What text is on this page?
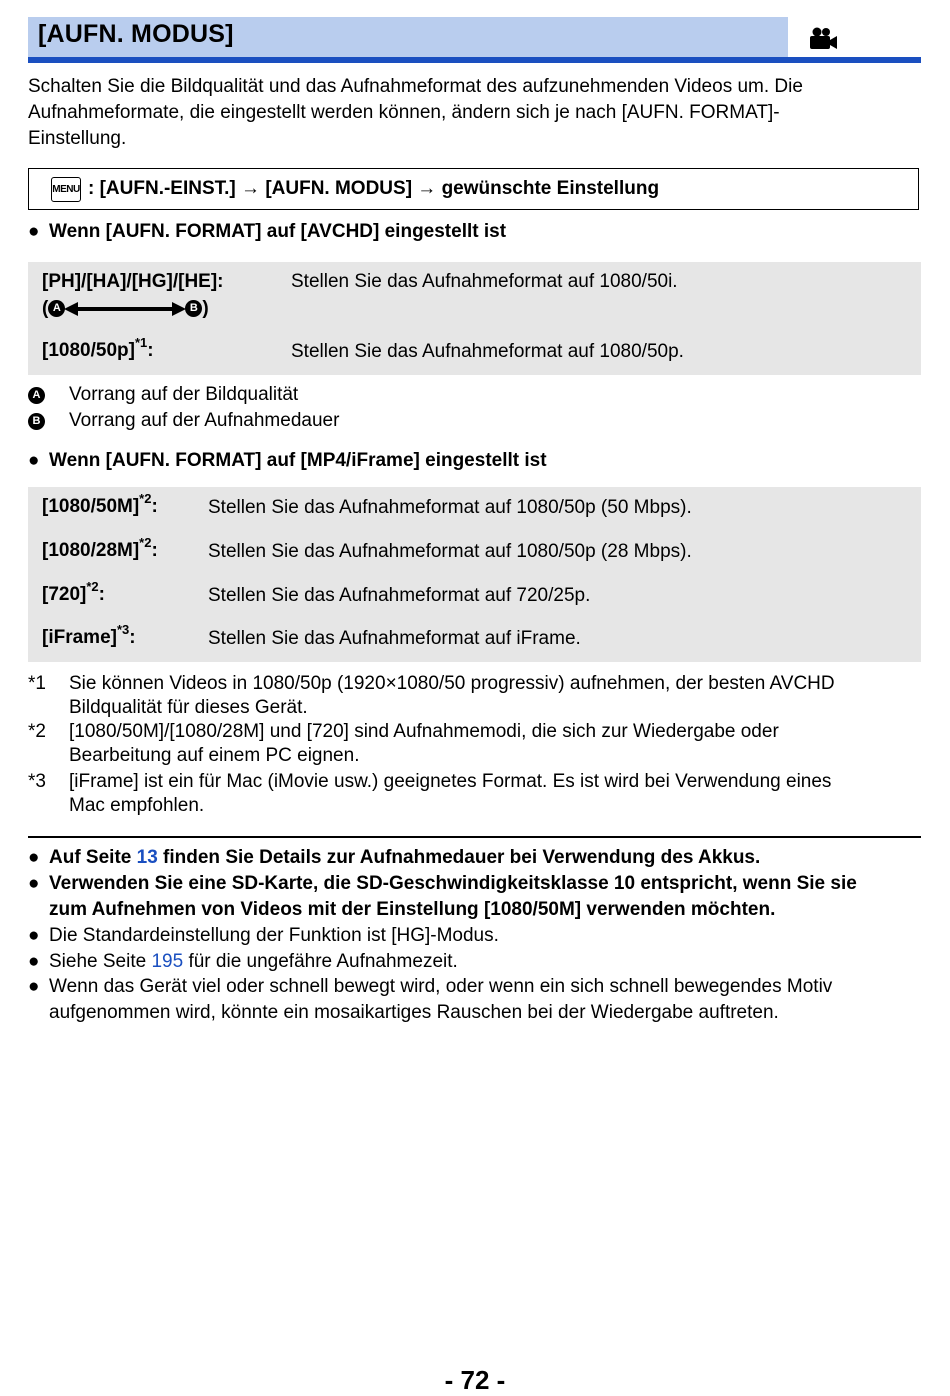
[AUFN. MODUS]
Schalten Sie die Bildqualität und das Aufnahmeformat des aufzunehmenden Videos um. Die
Aufnahmeformate, die eingestellt werden können, ändern sich je nach [AUFN. FORMAT]-
Einstellung.
MENU : [AUFN.-EINST.] → [AUFN. MODUS] → gewünschte Einstellung
● Wenn [AUFN. FORMAT] auf [AVCHD] eingestellt ist
[PH]/[HA]/[HG]/[HE]:	Stellen Sie das Aufnahmeformat auf 1080/50i.
( A	B )
$[1080/50p]^{*1}$:	Stellen Sie das Aufnahmeformat auf 1080/50p.
A Vorrang auf der Bildqualität
B Vorrang auf der Aufnahmedauer
● Wenn [AUFN. FORMAT] auf [MP4/iFrame] eingestellt ist
$[1080/50M]^{*2}$:	Stellen Sie das Aufnahmeformat auf 1080/50p (50 Mbps).
$[1080/28M]^{*2}$:	Stellen Sie das Aufnahmeformat auf 1080/50p (28 Mbps).
$[720]^{*2}$:	Stellen Sie das Aufnahmeformat auf 720/25p.
[iFrame]$^{*3}$:	Stellen Sie das Aufnahmeformat auf iFrame.
*1 Sie können Videos in 1080/50p (1920×1080/50 progressiv) aufnehmen, der besten AVCHD
Bildqualität für dieses Gerät.
*2 [1080/50M]/[1080/28M] und [720] sind Aufnahmemodi, die sich zur Wiedergabe oder
Bearbeitung auf einem PC eignen.
*3 [iFrame] ist ein für Mac (iMovie usw.) geeignetes Format. Es ist wird bei Verwendung eines
Mac empfohlen.
● Auf Seite 13 finden Sie Details zur Aufnahmedauer bei Verwendung des Akkus.
● Verwenden Sie eine SD-Karte, die SD-Geschwindigkeitsklasse 10 entspricht, wenn Sie sie
zum Aufnehmen von Videos mit der Einstellung [1080/50M] verwenden möchten.
● Die Standardeinstellung der Funktion ist [HG]-Modus.
● Siehe Seite 195 für die ungefähre Aufnahmezeit.
● Wenn das Gerät viel oder schnell bewegt wird, oder wenn ein sich schnell bewegendes Motiv
aufgenommen wird, könnte ein mosaikartiges Rauschen bei der Wiedergabe auftreten.
- 72 -
